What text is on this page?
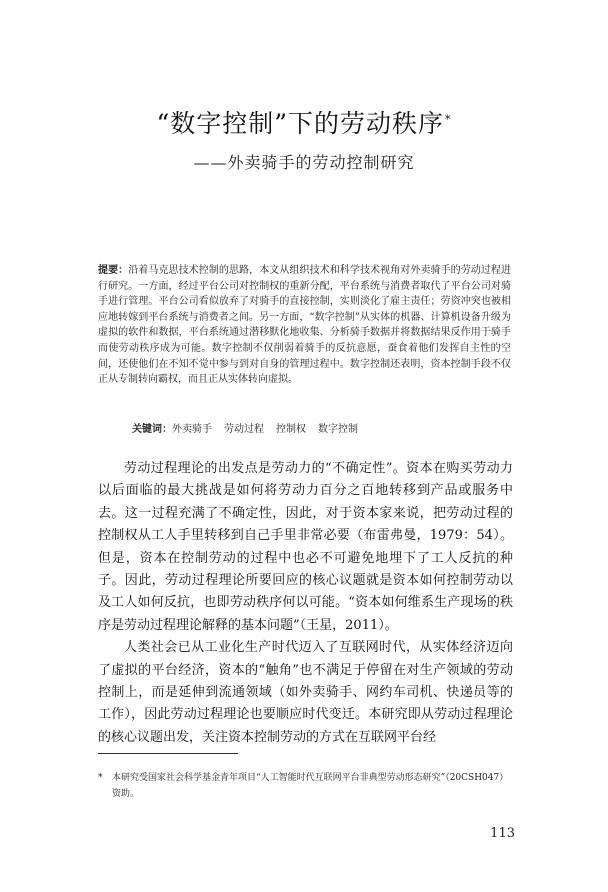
“数字控制”下的劳动秩序*
——外卖骑手的劳动控制研究
提要：沿着马克思技术控制的思路，本文从组织技术和科学技术视角对外卖骑手的劳动过程进行研究。一方面，经过平台公司对控制权的重新分配，平台系统与消费者取代了平台公司对骑手进行管理。平台公司看似放弃了对骑手的直接控制，实则淡化了雇主责任；劳资冲突也被相应地转嫁到平台系统与消费者之间。另一方面，“数字控制”从实体的机器、计算机设备升级为虚拟的软件和数据，平台系统通过潜移默化地收集、分析骑手数据并将数据结果反作用于骑手而使劳动秩序成为可能。数字控制不仅削弱着骑手的反抗意愿，蚕食着他们发挥自主性的空间，还使他们在不知不觉中参与到对自身的管理过程中。数字控制还表明，资本控制手段不仅正从专制转向霸权，而且正从实体转向虚拟。
关键词：外卖骑手 劳动过程 控制权 数字控制

劳动过程理论的出发点是劳动力的“不确定性”。资本在购买劳动力以后面临的最大挑战是如何将劳动力百分之百地转移到产品或服务中去。这一过程充满了不确定性，因此，对于资本家来说，把劳动过程的控制权从工人手里转移到自己手里非常必要（布雷弗曼，1979：54）。但是，资本在控制劳动的过程中也必不可避免地埋下了工人反抗的种子。因此，劳动过程理论所要回应的核心议题就是资本如何控制劳动以及工人如何反抗，也即劳动秩序何以可能。“资本如何维系生产现场的秩序是劳动过程理论解释的基本问题”（王星，2011）。

人类社会已从工业化生产时代迈入了互联网时代，从实体经济迈向了虚拟的平台经济，资本的“触角”也不满足于停留在对生产领域的劳动控制上，而是延伸到流通领域（如外卖骑手、网约车司机、快递员等的工作），因此劳动过程理论也要顺应时代变迁。本研究即从劳动过程理论的核心议题出发，关注资本控制劳动的方式在互联网平台经

*	本研究受国家社会科学基金青年项目“人工智能时代互联网平台非典型劳动形态研究”（20CSH047）资助。
113
